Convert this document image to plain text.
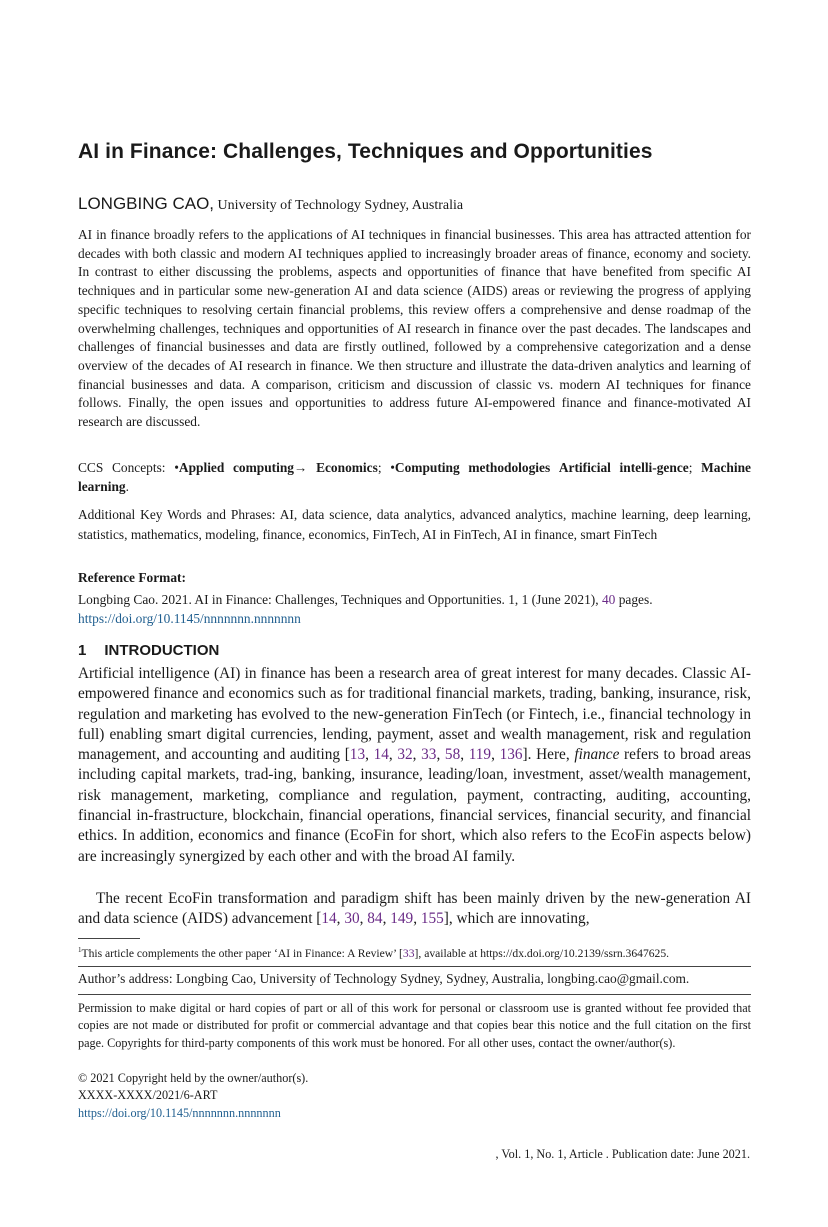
AI in Finance: Challenges, Techniques and Opportunities
LONGBING CAO, University of Technology Sydney, Australia

AI in finance broadly refers to the applications of AI techniques in financial businesses. This area has attracted attention for decades with both classic and modern AI techniques applied to increasingly broader areas of finance, economy and society. In contrast to either discussing the problems, aspects and opportunities of finance that have benefited from specific AI techniques and in particular some new-generation AI and data science (AIDS) areas or reviewing the progress of applying specific techniques to resolving certain financial problems, this review offers a comprehensive and dense roadmap of the overwhelming challenges, techniques and opportunities of AI research in finance over the past decades. The landscapes and challenges of financial businesses and data are firstly outlined, followed by a comprehensive categorization and a dense overview of the decades of AI research in finance. We then structure and illustrate the data-driven analytics and learning of financial businesses and data. A comparison, criticism and discussion of classic vs. modern AI techniques for finance follows. Finally, the open issues and opportunities to address future AI-empowered finance and finance-motivated AI research are discussed.

CCS Concepts: •Applied computing→ Economics; •Computing methodologies Artificial intelli-gence; Machine learning.

Additional Key Words and Phrases: AI, data science, data analytics, advanced analytics, machine learning, deep learning, statistics, mathematics, modeling, finance, economics, FinTech, AI in FinTech, AI in finance, smart FinTech

Reference Format:

Longbing Cao. 2021. AI in Finance: Challenges, Techniques and Opportunities. 1, 1 (June 2021), 40 pages.
https://doi.org/10.1145/nnnnnnn.nnnnnnn

1 INTRODUCTION

Artificial intelligence (AI) in finance has been a research area of great interest for many decades. Classic AI-empowered finance and economics such as for traditional financial markets, trading, banking, insurance, risk, regulation and marketing has evolved to the new-generation FinTech (or Fintech, i.e., financial technology in full) enabling smart digital currencies, lending, payment, asset and wealth management, risk and regulation management, and accounting and auditing [13, 14, 32, 33, 58, 119, 136]. Here, finance refers to broad areas including capital markets, trad-ing, banking, insurance, leading/loan, investment, asset/wealth management, risk management, marketing, compliance and regulation, payment, contracting, auditing, accounting, financial in-frastructure, blockchain, financial operations, financial services, financial security, and financial ethics. In addition, economics and finance (EcoFin for short, which also refers to the EcoFin aspects below) are increasingly synergized by each other and with the broad AI family.

The recent EcoFin transformation and paradigm shift has been mainly driven by the new-generation AI and data science (AIDS) advancement [14, 30, 84, 149, 155], which are innovating,

$^1$This article complements the other paper ‘AI in Finance: A Review’ [33], available at https://dx.doi.org/10.2139/ssrn.3647625.

Author’s address: Longbing Cao, University of Technology Sydney, Sydney, Australia, longbing.cao@gmail.com.

Permission to make digital or hard copies of part or all of this work for personal or classroom use is granted without fee provided that copies are not made or distributed for profit or commercial advantage and that copies bear this notice and the full citation on the first page. Copyrights for third-party components of this work must be honored. For all other uses, contact the owner/author(s).

© 2021 Copyright held by the owner/author(s).
XXXX-XXXX/2021/6-ART
https://doi.org/10.1145/nnnnnnn.nnnnnnn

, Vol. 1, No. 1, Article . Publication date: June 2021.
